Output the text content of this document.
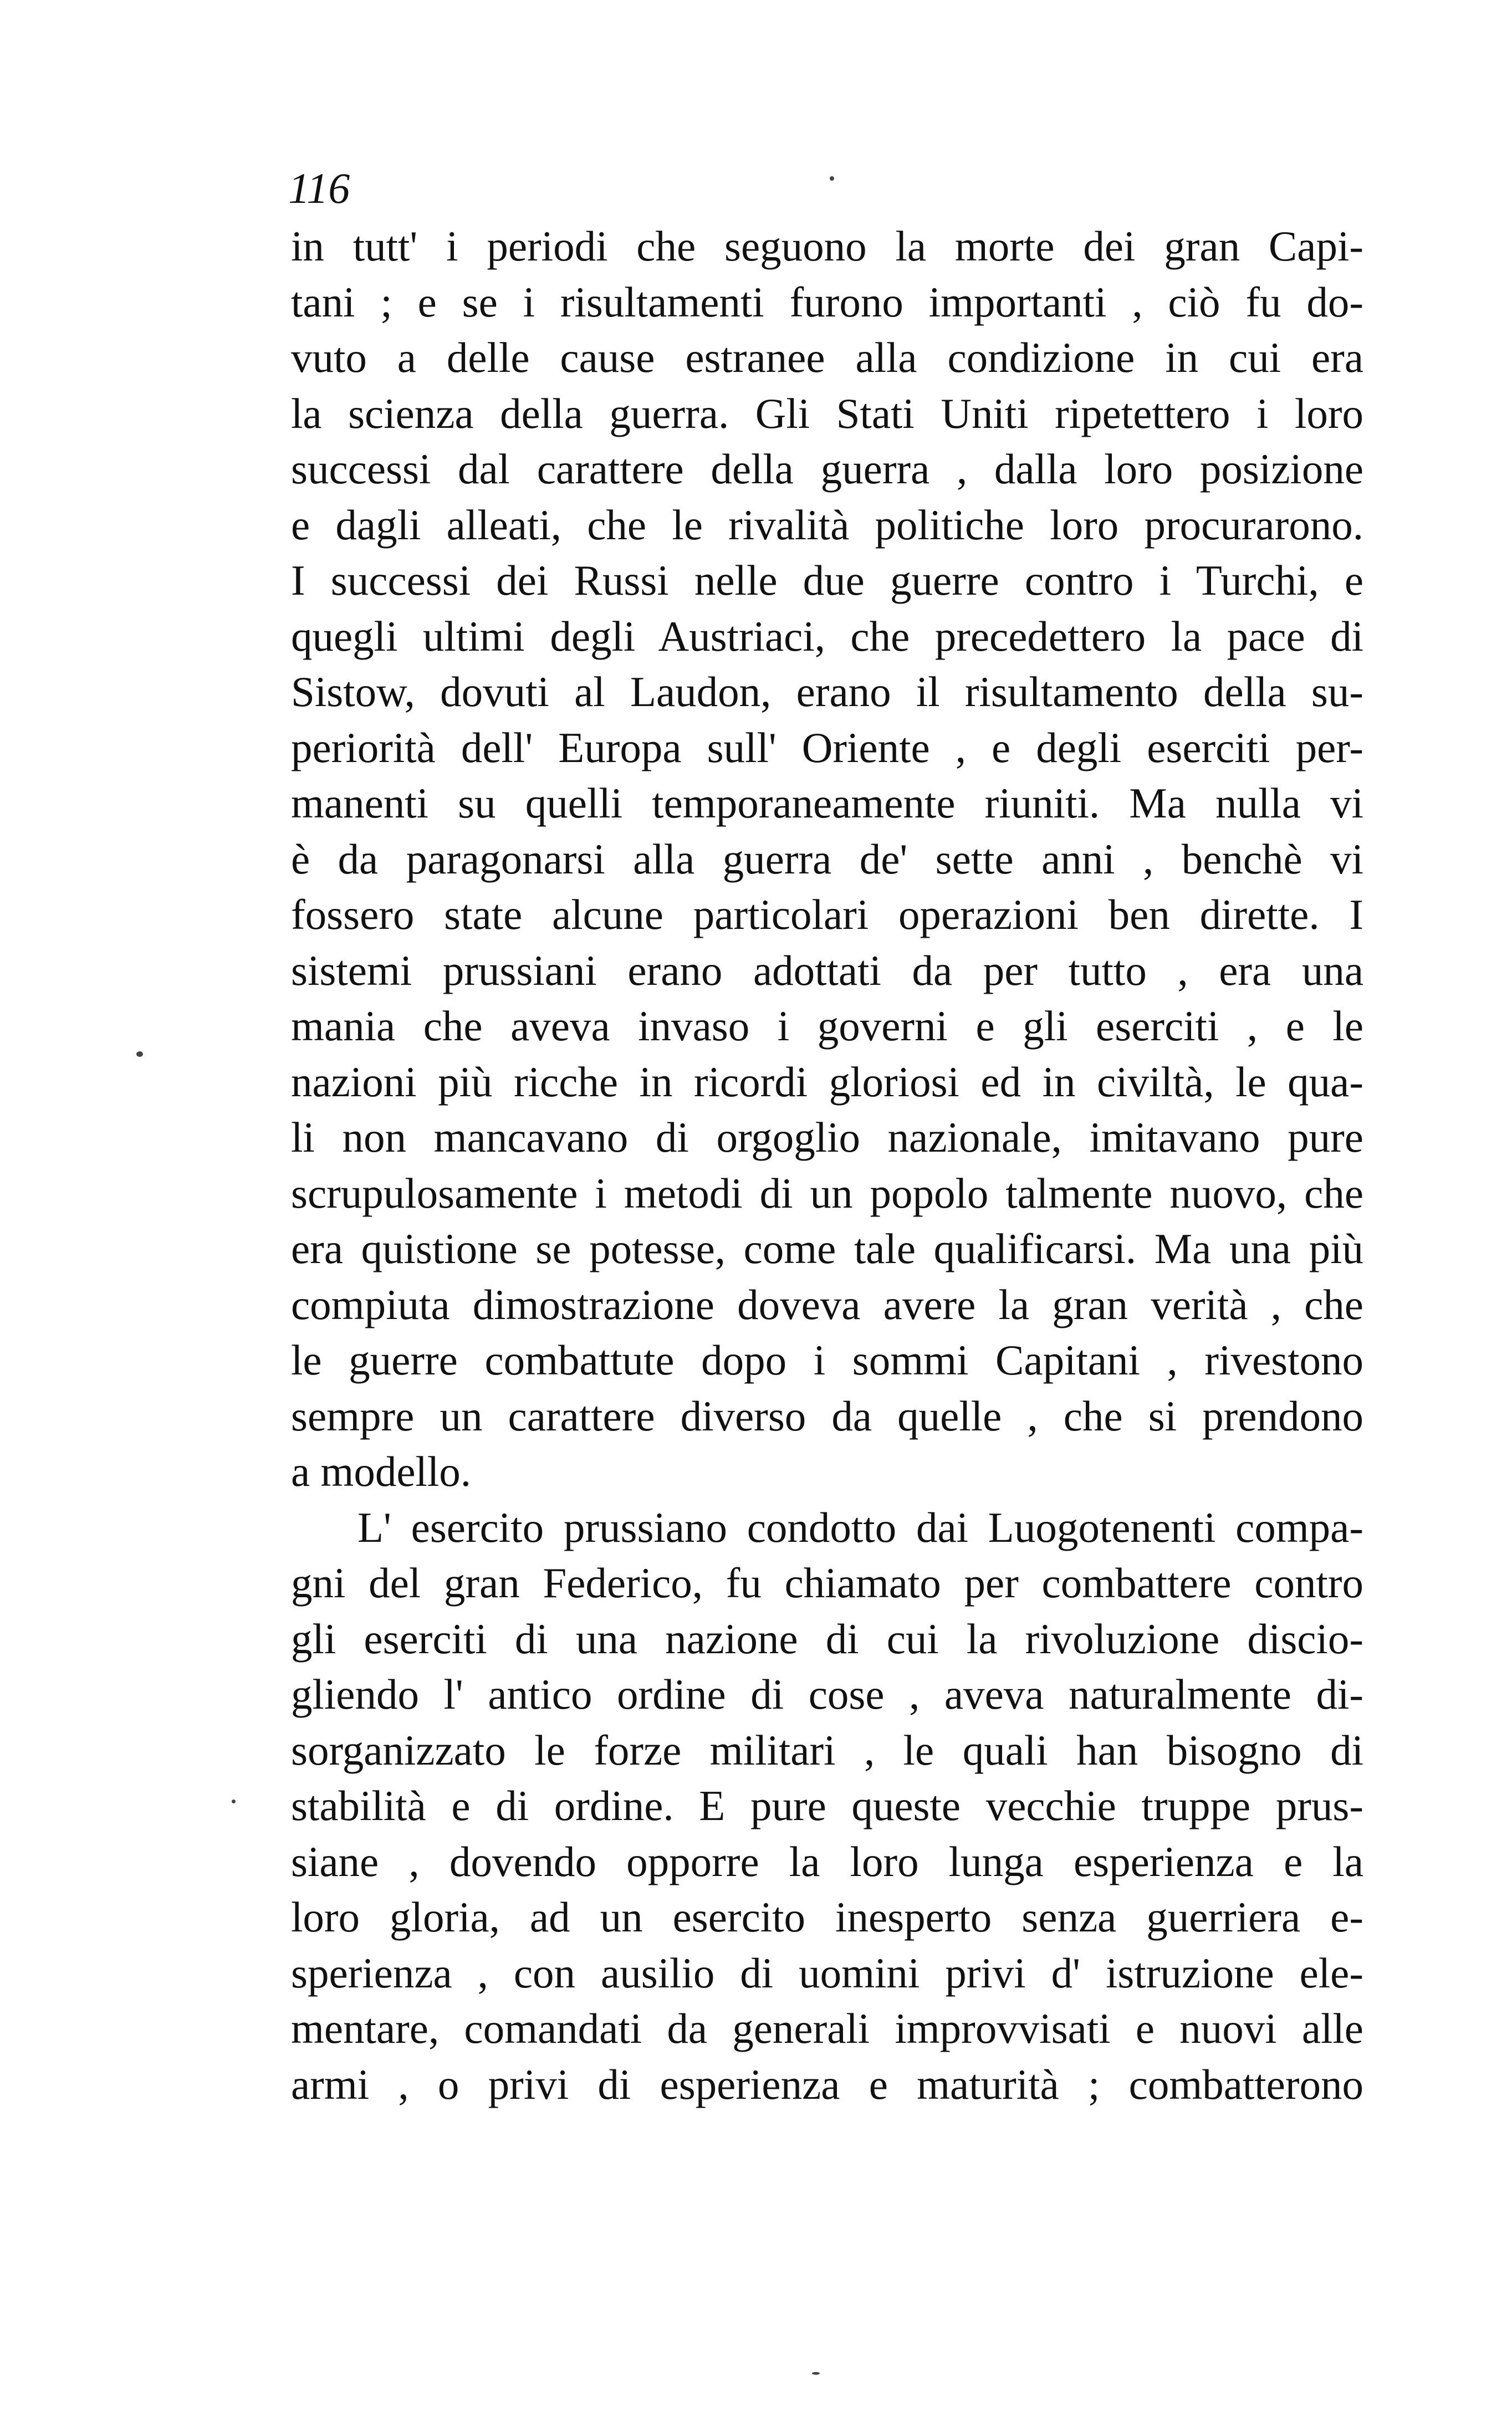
116
in tutt' i periodi che seguono la morte dei gran Capi-
tani ; e se i risultamenti furono importanti , ciò fu do-
vuto a delle cause estranee alla condizione in cui era
la scienza della guerra. Gli Stati Uniti ripetettero i loro
successi dal carattere della guerra , dalla loro posizione
e dagli alleati, che le rivalità politiche loro procurarono.
I successi dei Russi nelle due guerre contro i Turchi, e
quegli ultimi degli Austriaci, che precedettero la pace di
Sistow, dovuti al Laudon, erano il risultamento della su-
periorità dell' Europa sull' Oriente , e degli eserciti per-
manenti su quelli temporaneamente riuniti. Ma nulla vi
è da paragonarsi alla guerra de' sette anni , benchè vi
fossero state alcune particolari operazioni ben dirette. I
sistemi prussiani erano adottati da per tutto , era una
mania che aveva invaso i governi e gli eserciti , e le
nazioni più ricche in ricordi gloriosi ed in civiltà, le qua-
li non mancavano di orgoglio nazionale, imitavano pure
scrupulosamente i metodi di un popolo talmente nuovo, che
era quistione se potesse, come tale qualificarsi. Ma una più
compiuta dimostrazione doveva avere la gran verità , che
le guerre combattute dopo i sommi Capitani , rivestono
sempre un carattere diverso da quelle , che si prendono
a modello.
L' esercito prussiano condotto dai Luogotenenti compa-
gni del gran Federico, fu chiamato per combattere contro
gli eserciti di una nazione di cui la rivoluzione discio-
gliendo l' antico ordine di cose , aveva naturalmente di-
sorganizzato le forze militari , le quali han bisogno di
stabilità e di ordine. E pure queste vecchie truppe prus-
siane , dovendo opporre la loro lunga esperienza e la
loro gloria, ad un esercito inesperto senza guerriera e-
sperienza , con ausilio di uomini privi d' istruzione ele-
mentare, comandati da generali improvvisati e nuovi alle
armi , o privi di esperienza e maturità ; combatterono
